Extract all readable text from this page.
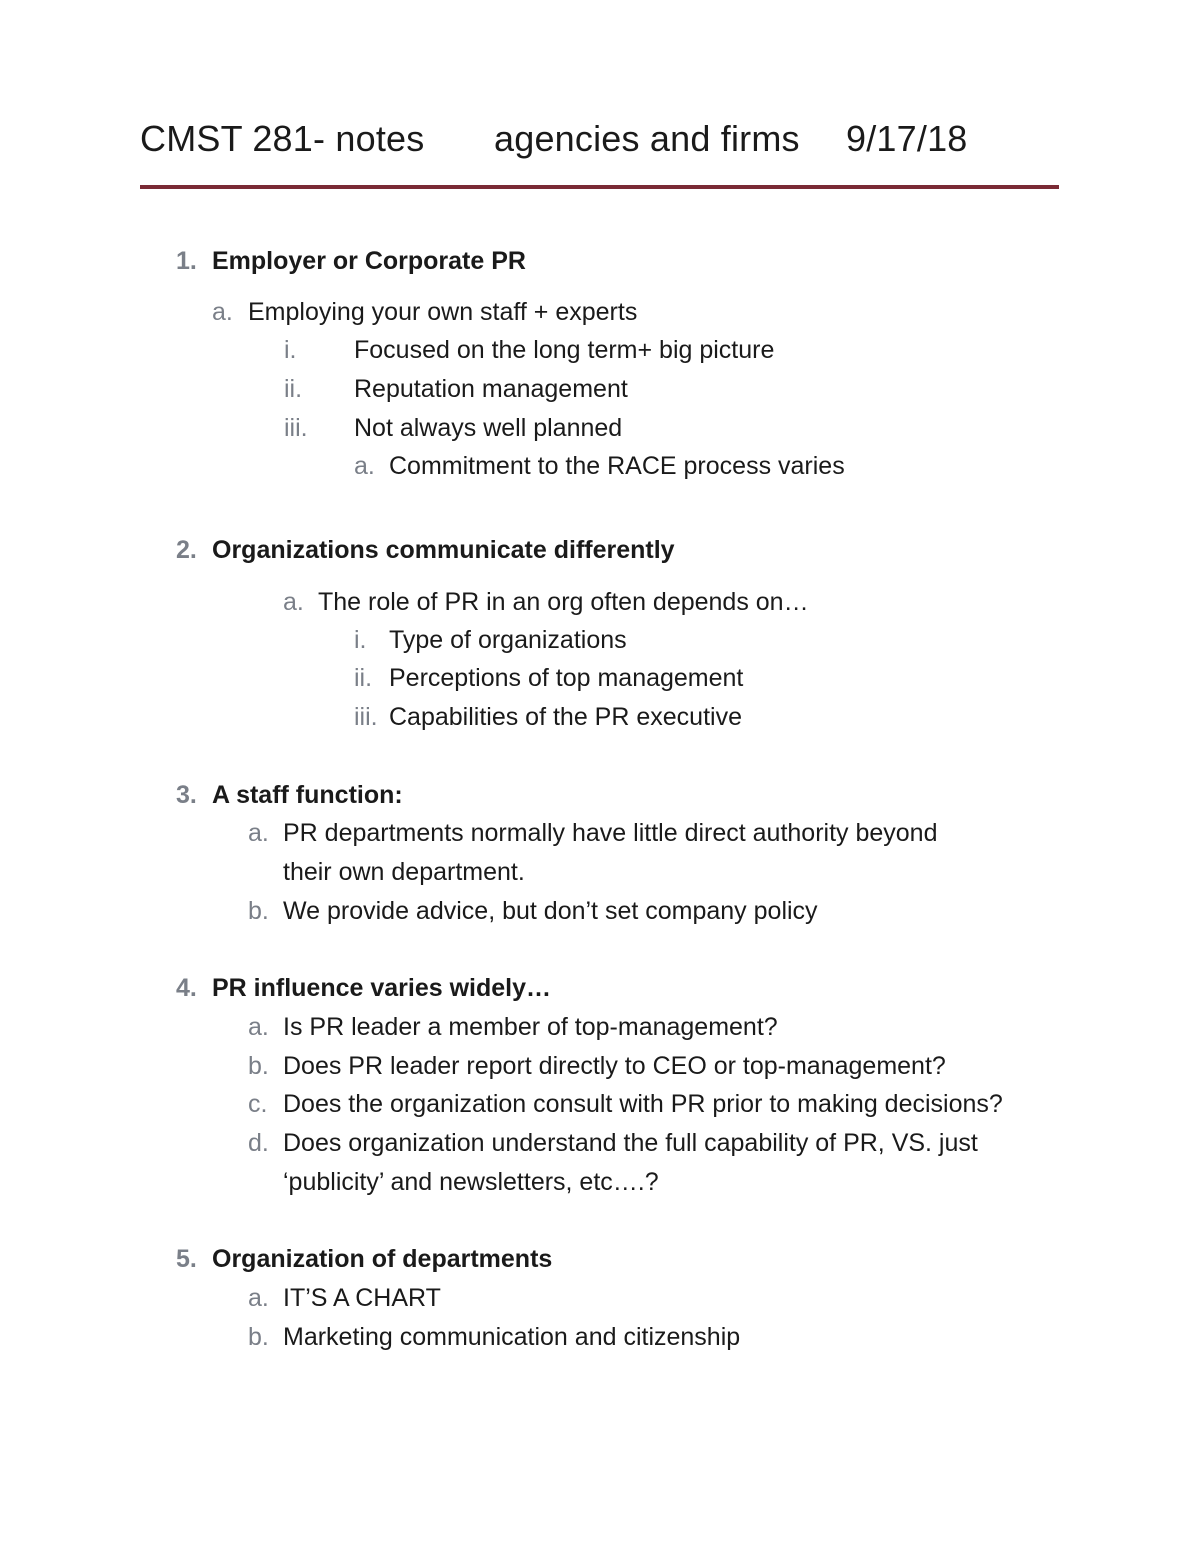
CMST 281- notes agencies and firms 9/17/18
1. Employer or Corporate PR
a. Employing your own staff + experts
i. Focused on the long term+ big picture
ii. Reputation management
iii. Not always well planned
a. Commitment to the RACE process varies
2. Organizations communicate differently
a. The role of PR in an org often depends on…
i. Type of organizations
ii. Perceptions of top management
iii. Capabilities of the PR executive
3. A staff function:
a. PR departments normally have little direct authority beyond
their own department.
b. We provide advice, but don’t set company policy
4. PR influence varies widely…
a. Is PR leader a member of top-management?
b. Does PR leader report directly to CEO or top-management?
c. Does the organization consult with PR prior to making decisions?
d. Does organization understand the full capability of PR, VS. just
‘publicity’ and newsletters, etc….?
5. Organization of departments
a. IT’S A CHART
b. Marketing communication and citizenship
